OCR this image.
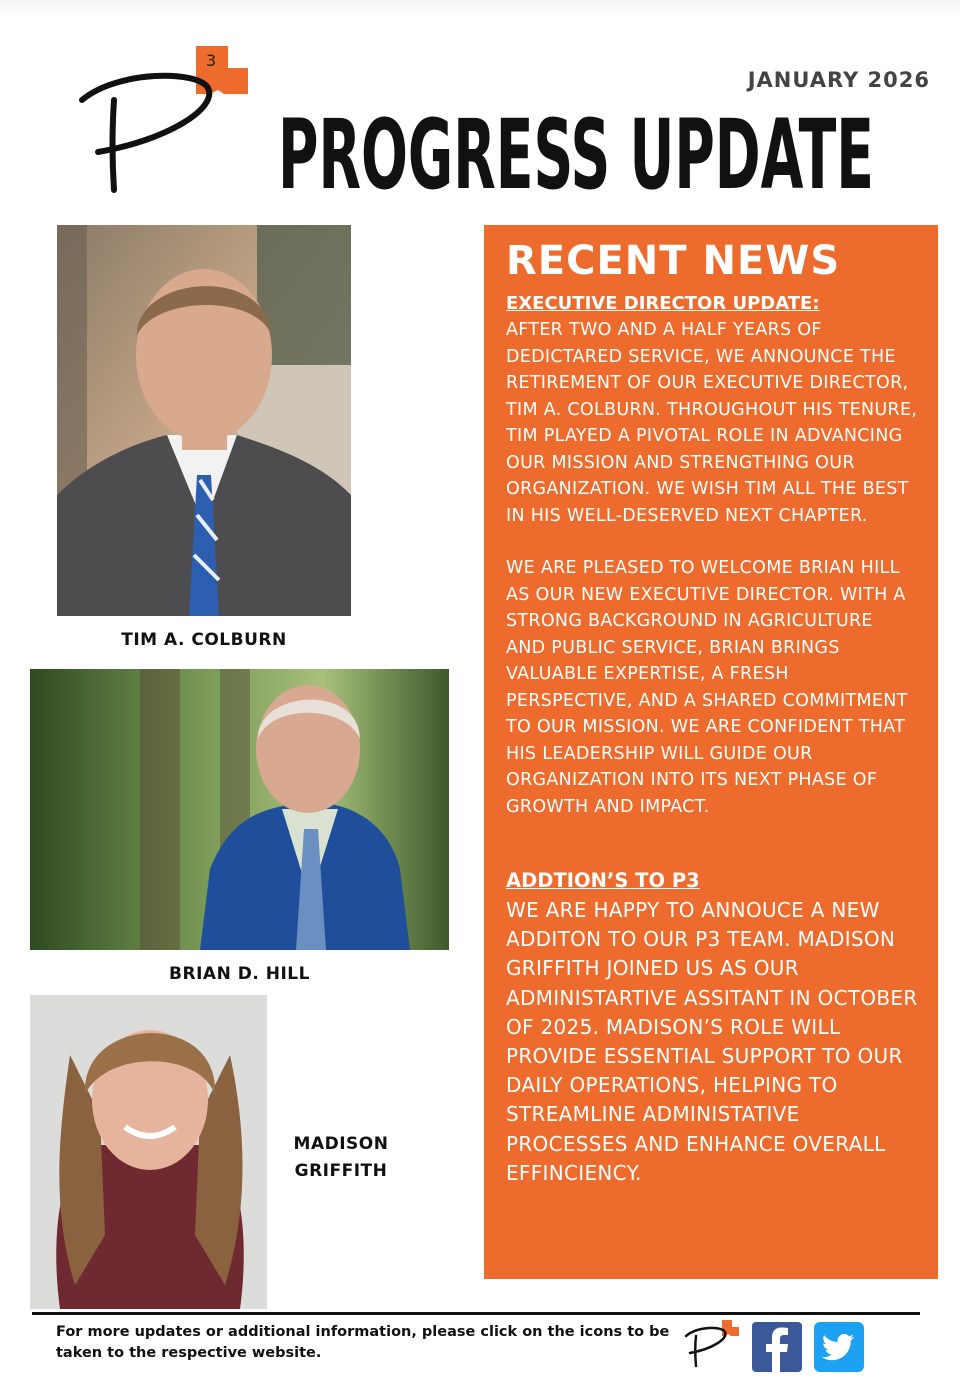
3
JANUARY 2026
PROGRESS UPDATE
TIM A. COLBURN
BRIAN D. HILL
MADISON
GRIFFITH
RECENT NEWS
EXECUTIVE DIRECTOR UPDATE:

AFTER TWO AND A HALF YEARS OF DEDICTARED SERVICE, WE ANNOUNCE THE RETIREMENT OF OUR EXECUTIVE DIRECTOR, TIM A. COLBURN. THROUGHOUT HIS TENURE, TIM PLAYED A PIVOTAL ROLE IN ADVANCING OUR MISSION AND STRENGTHING OUR ORGANIZATION. WE WISH TIM ALL THE BEST IN HIS WELL-DESERVED NEXT CHAPTER.

WE ARE PLEASED TO WELCOME BRIAN HILL AS OUR NEW EXECUTIVE DIRECTOR. WITH A STRONG BACKGROUND IN AGRICULTURE AND PUBLIC SERVICE, BRIAN BRINGS VALUABLE EXPERTISE, A FRESH PERSPECTIVE, AND A SHARED COMMITMENT TO OUR MISSION. WE ARE CONFIDENT THAT HIS LEADERSHIP WILL GUIDE OUR ORGANIZATION INTO ITS NEXT PHASE OF GROWTH AND IMPACT.

ADDTION’S TO P3

WE ARE HAPPY TO ANNOUCE A NEW ADDITON TO OUR P3 TEAM. MADISON GRIFFITH JOINED US AS OUR ADMINISTARTIVE ASSITANT IN OCTOBER OF 2025. MADISON’S ROLE WILL PROVIDE ESSENTIAL SUPPORT TO OUR DAILY OPERATIONS, HELPING TO STREAMLINE ADMINISTATIVE PROCESSES AND ENHANCE OVERALL EFFINCIENCY.

For more updates or additional information, please click on the icons to be taken to the respective website.
